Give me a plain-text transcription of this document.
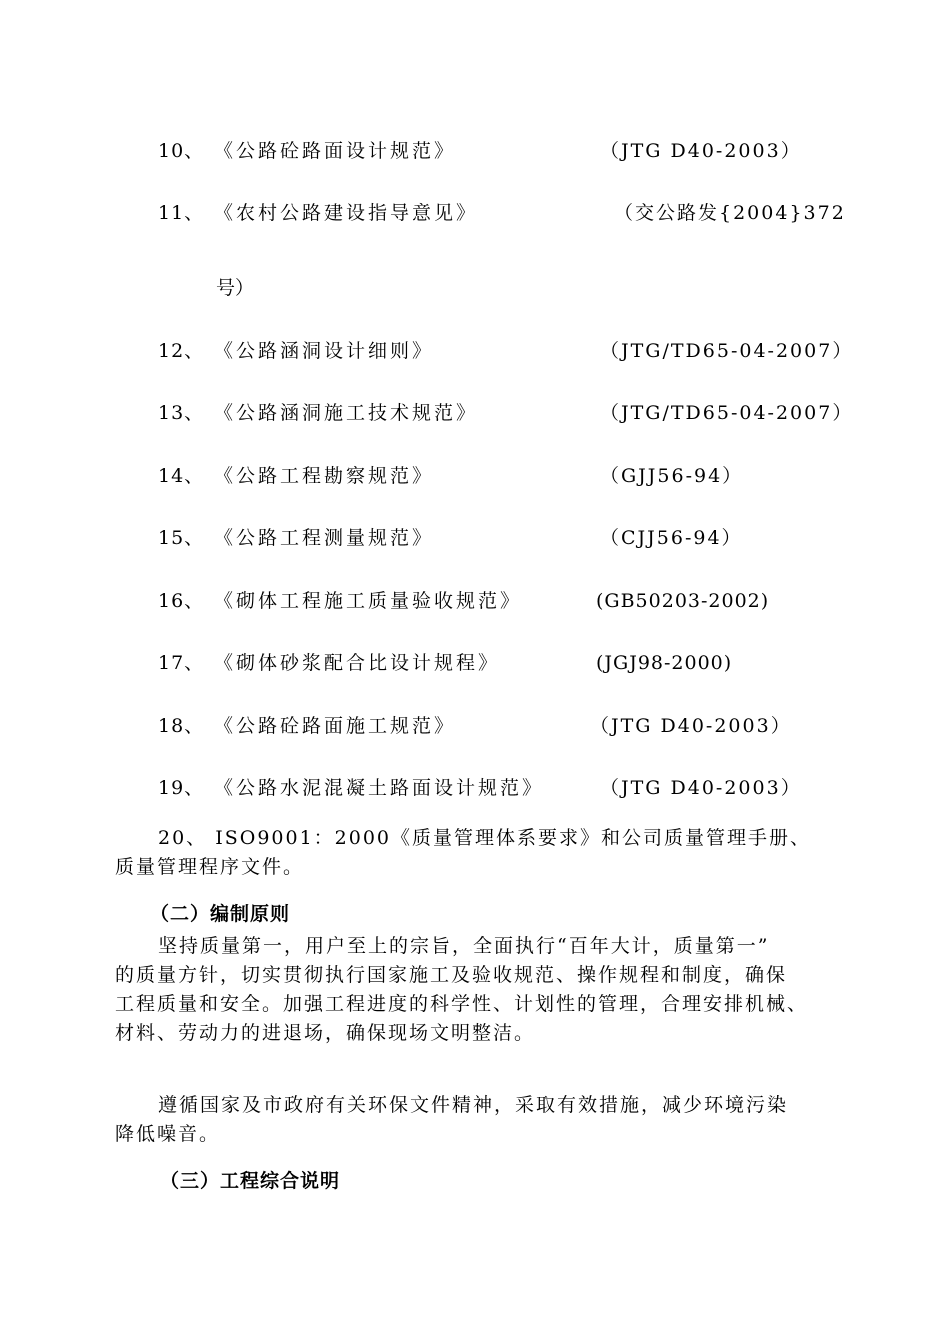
10、 《公路砼路面设计规范》	（JTG D40-2003）
11、 《农村公路建设指导意见》	（交公路发{2004}372
号）
12、 《公路涵洞设计细则》	（JTG/TD65-04-2007）
13、 《公路涵洞施工技术规范》	（JTG/TD65-04-2007）
14、 《公路工程勘察规范》	（GJJ56-94）
15、 《公路工程测量规范》	（CJJ56-94）
16、 《砌体工程施工质量验收规范》	(GB50203-2002)
17、 《砌体砂浆配合比设计规程》	(JGJ98-2000)
18、 《公路砼路面施工规范》	（JTG D40-2003）
19、 《公路水泥混凝土路面设计规范》	（JTG D40-2003）
20、 ISO9001：2000《质量管理体系要求》和公司质量管理手册、
质量管理程序文件。
（二）编制原则
坚持质量第一，用户至上的宗旨，全面执行“百年大计，质量第一”
的质量方针，切实贯彻执行国家施工及验收规范、操作规程和制度，确保
工程质量和安全。加强工程进度的科学性、计划性的管理，合理安排机械、
材料、劳动力的进退场，确保现场文明整洁。
遵循国家及市政府有关环保文件精神，采取有效措施，减少环境污染
降低噪音。
（三）工程综合说明
